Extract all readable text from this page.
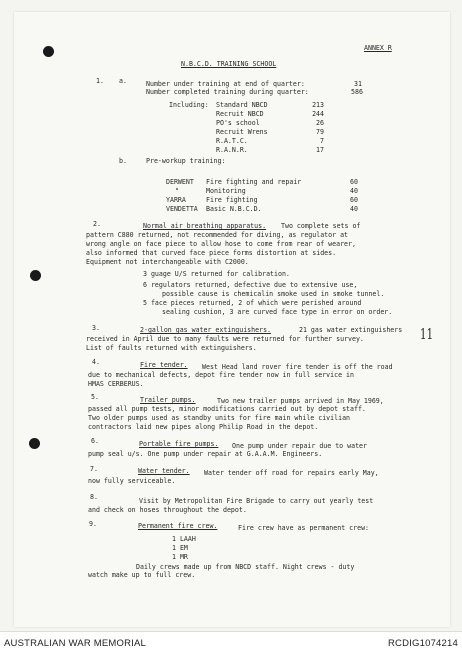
ANNEX R
N.B.C.D. TRAINING SCHOOL
1. a.	Number under training at end of quarter:	31
Number completed training during quarter:	586
Including: Standard NBCD	213
Recruit NBCD	244
PO's school	26
Recruit Wrens	79
R.A.T.C.	7
R.A.N.R.	17
b.	Pre-workup training:
DERWENT Fire fighting and repair	60
"	Monitoring	40
YARRA	Fire fighting	60
VENDETTA Basic N.B.C.D.	40
2.	Normal air breathing apparatus. Two complete sets of
pattern C880 returned, not recommended for diving, as regulator at
wrong angle on face piece to allow hose to come from rear of wearer,
also informed that curved face piece forms distortion at sides.
Equipment not interchangeable with C2000.
3 guage U/S returned for calibration.
6 regulators returned, defective due to extensive use,
possible cause is chemicalin smoke used in smoke tunnel.
5 face pieces returned, 2 of which were perished around
sealing cushion, 3 are curved face type in error on order.
3.	2-gallon gas water extinguishers.	21 gas water extinguishers
received in April due to many faults were returned for further survey.
List of faults returned with extinguishers.
11
4.	Fire tender. West Head land rover fire tender is off the road
due to mechanical defects, depot fire tender now in full service in
HMAS CERBERUS.
5.	Trailer pumps.	Two new trailer pumps arrived in May 1969,
passed all pump tests, minor modifications carried out by depot staff.
Two older pumps used as standby units for fire main while civilian
contractors laid new pipes along Philip Road in the depot.
6.	Portable fire pumps. One pump under repair due to water
pump seal u/s. One pump under repair at G.A.A.M. Engineers.
7.	Water tender. Water tender off road for repairs early May,
now fully serviceable.
8.	Visit by Metropolitan Fire Brigade to carry out yearly test
and check on hoses throughout the depot.
9.	Permanent fire crew.	Fire crew have as permanent crew:
1 LAAH
1 EM
1 MR
Daily crews made up from NBCD staff. Night crews - duty
watch make up to full crew.
AUSTRALIAN WAR MEMORIAL	RCDIG1074214
